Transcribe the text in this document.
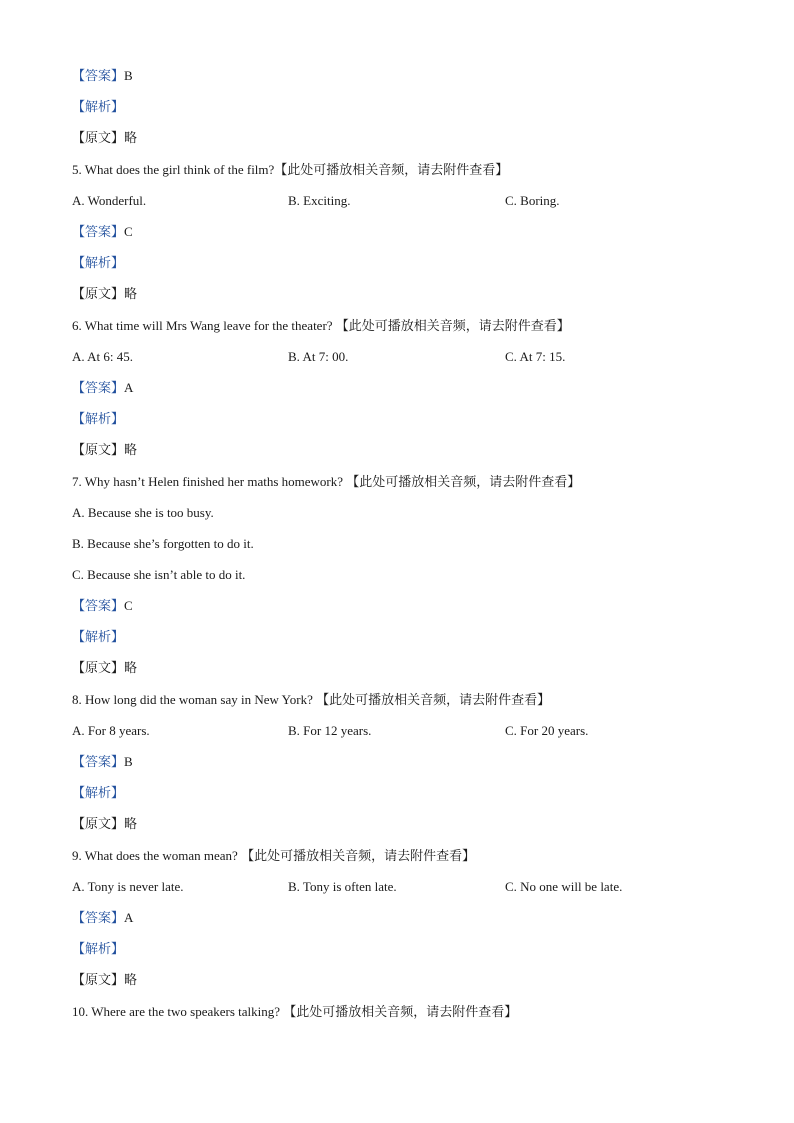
【答案】B
【解析】
【原文】略
5. What does the girl think of the film?【此处可播放相关音频，请去附件查看】
A. Wonderful.	B. Exciting.	C. Boring.
【答案】C
【解析】
【原文】略
6. What time will Mrs Wang leave for the theater? 【此处可播放相关音频，请去附件查看】
A. At 6: 45.	B. At 7: 00.	C. At 7: 15.
【答案】A
【解析】
【原文】略
7. Why hasn’t Helen finished her maths homework? 【此处可播放相关音频，请去附件查看】
A. Because she is too busy.
B. Because she’s forgotten to do it.
C. Because she isn’t able to do it.
【答案】C
【解析】
【原文】略
8. How long did the woman say in New York? 【此处可播放相关音频，请去附件查看】
A. For 8 years.	B. For 12 years.	C. For 20 years.
【答案】B
【解析】
【原文】略
9. What does the woman mean? 【此处可播放相关音频，请去附件查看】
A. Tony is never late.	B. Tony is often late.	C. No one will be late.
【答案】A
【解析】
【原文】略
10. Where are the two speakers talking? 【此处可播放相关音频，请去附件查看】
